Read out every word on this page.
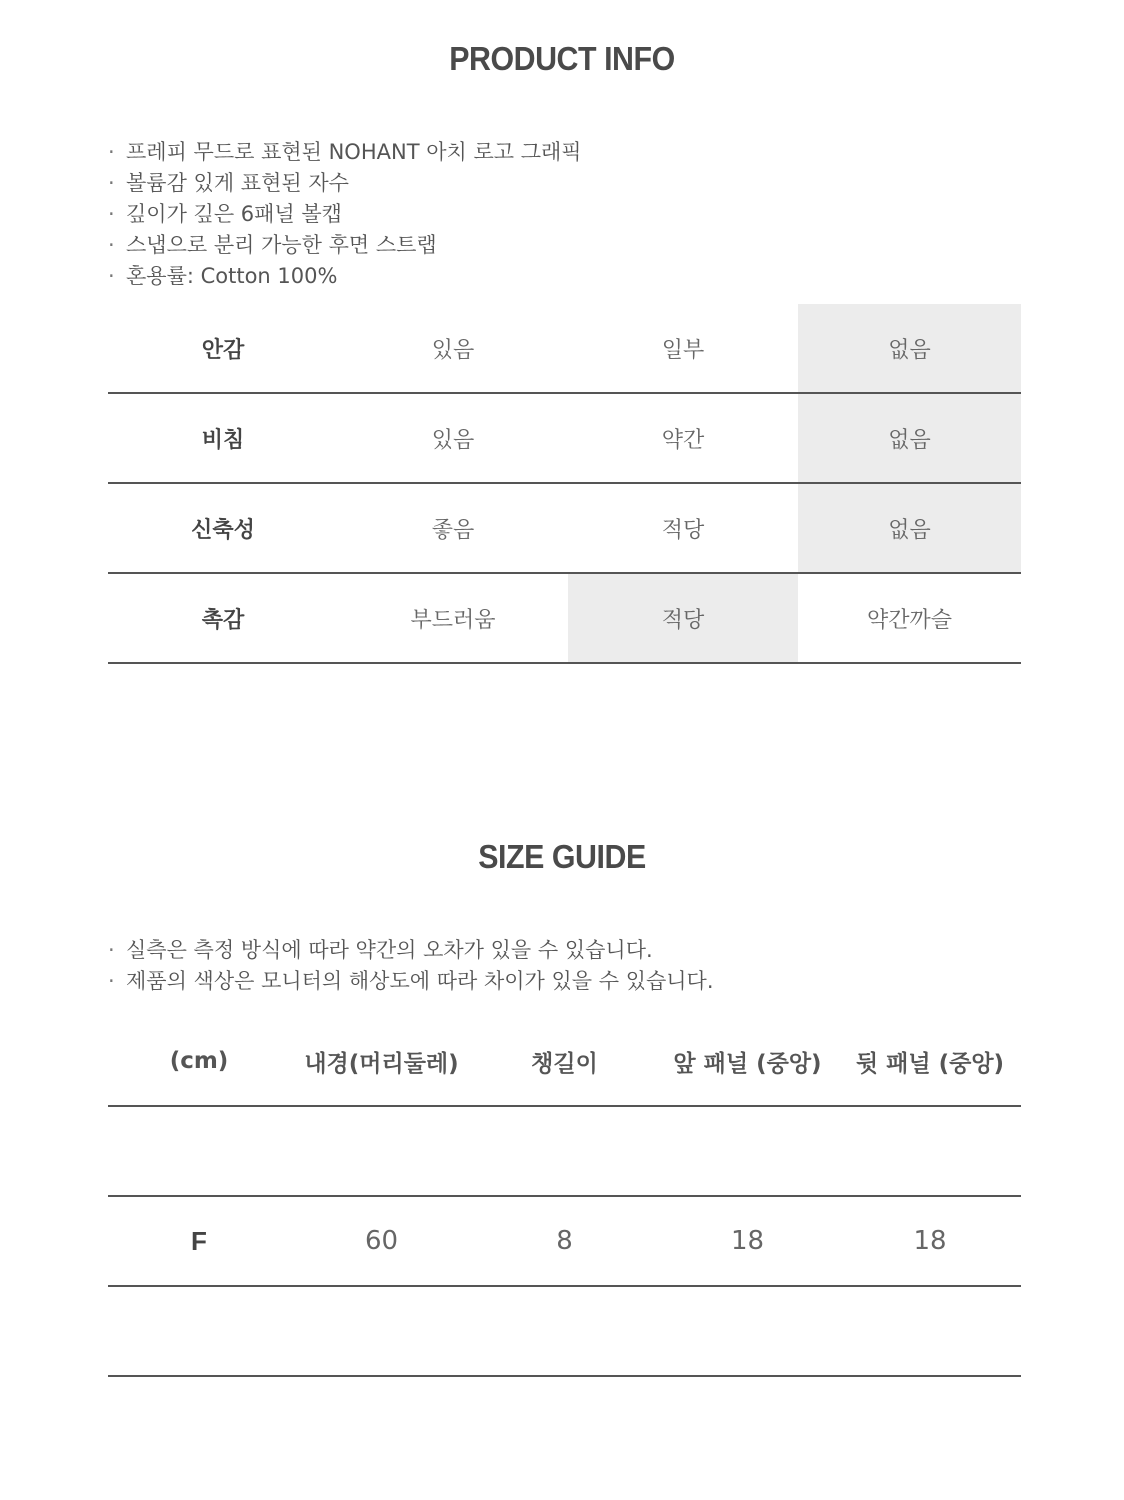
PRODUCT INFO
· 프레피 무드로 표현된 NOHANT 아치 로고 그래픽
· 볼륨감 있게 표현된 자수
· 깊이가 깊은 6패널 볼캡
· 스냅으로 분리 가능한 후면 스트랩
· 혼용률: Cotton 100%
안감	있음	일부	없음
비침	있음	약간	없음
신축성	좋음	적당	없음
촉감	부드러움	적당	약간까슬
SIZE GUIDE
· 실측은 측정 방식에 따라 약간의 오차가 있을 수 있습니다.
· 제품의 색상은 모니터의 해상도에 따라 차이가 있을 수 있습니다.
(cm)	내경(머리둘레)	챙길이	앞 패널 (중앙)	뒷 패널 (중앙)

F	60	8	18	18
